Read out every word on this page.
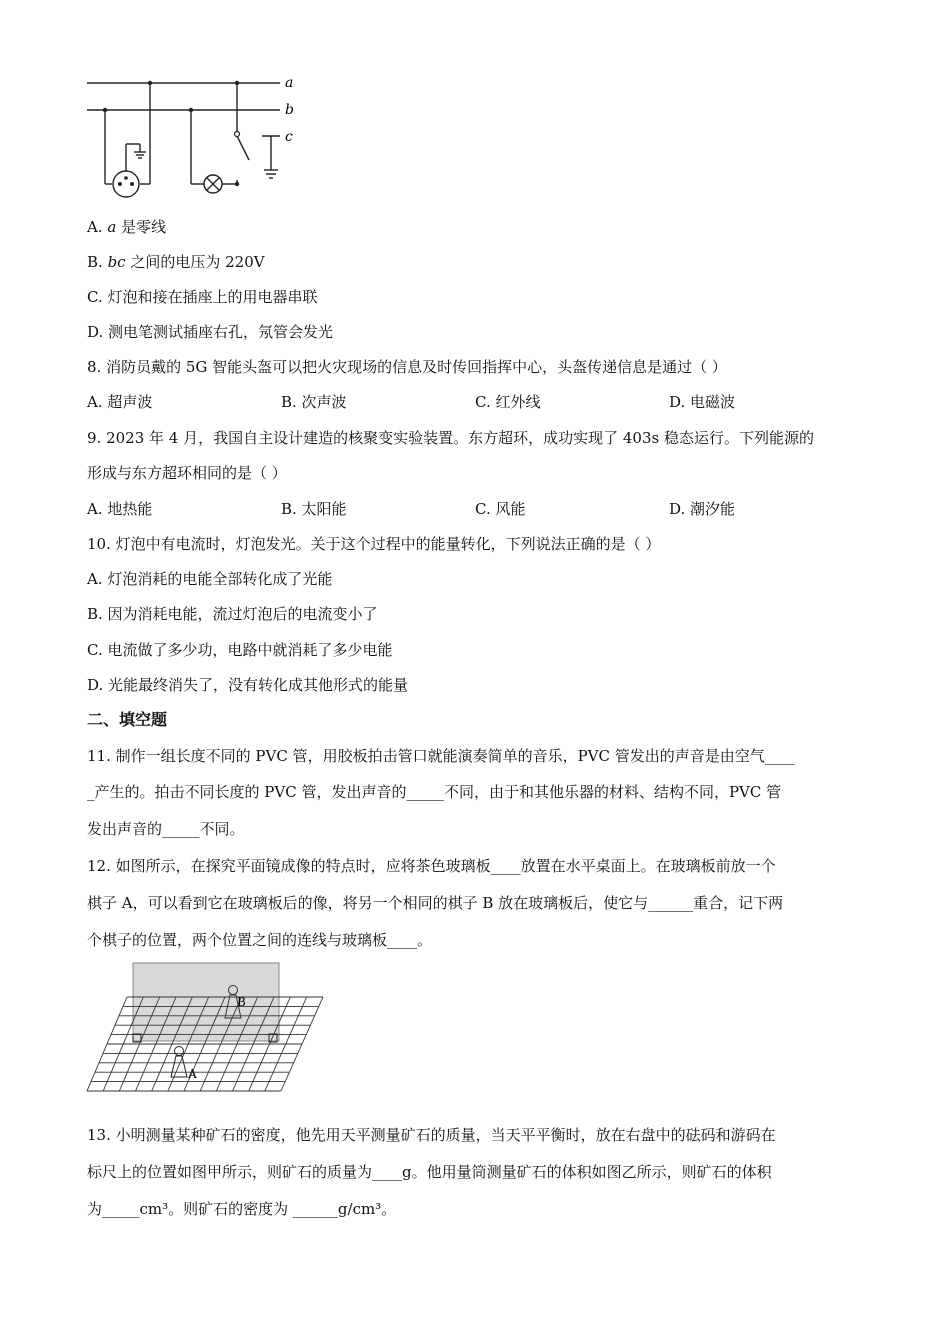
a
b
c
A. a 是零线
B. bc 之间的电压为 220V
C. 灯泡和接在插座上的用电器串联
D. 测电笔测试插座右孔，氖管会发光
8. 消防员戴的 5G 智能头盔可以把火灾现场的信息及时传回指挥中心，头盔传递信息是通过（ ）
A. 超声波	B. 次声波	C. 红外线	D. 电磁波
9. 2023 年 4 月，我国自主设计建造的核聚变实验装置。东方超环，成功实现了 403s 稳态运行。下列能源的
形成与东方超环相同的是（ ）
A. 地热能	B. 太阳能	C. 风能	D. 潮汐能
10. 灯泡中有电流时，灯泡发光。关于这个过程中的能量转化，下列说法正确的是（ ）
A. 灯泡消耗的电能全部转化成了光能
B. 因为消耗电能，流过灯泡后的电流变小了
C. 电流做了多少功，电路中就消耗了多少电能
D. 光能最终消失了，没有转化成其他形式的能量
二、填空题
11. 制作一组长度不同的 PVC 管，用胶板拍击管口就能演奏简单的音乐，PVC 管发出的声音是由空气____
_产生的。拍击不同长度的 PVC 管，发出声音的_____不同，由于和其他乐器的材料、结构不同，PVC 管
发出声音的_____不同。
12. 如图所示，在探究平面镜成像的特点时，应将茶色玻璃板____放置在水平桌面上。在玻璃板前放一个
棋子 A，可以看到它在玻璃板后的像，将另一个相同的棋子 B 放在玻璃板后，使它与______重合，记下两
个棋子的位置，两个位置之间的连线与玻璃板____。
B
A
13. 小明测量某种矿石的密度，他先用天平测量矿石的质量，当天平平衡时，放在右盘中的砝码和游码在
标尺上的位置如图甲所示，则矿石的质量为____g。他用量筒测量矿石的体积如图乙所示，则矿石的体积
为_____cm³。则矿石的密度为 ______g/cm³。
